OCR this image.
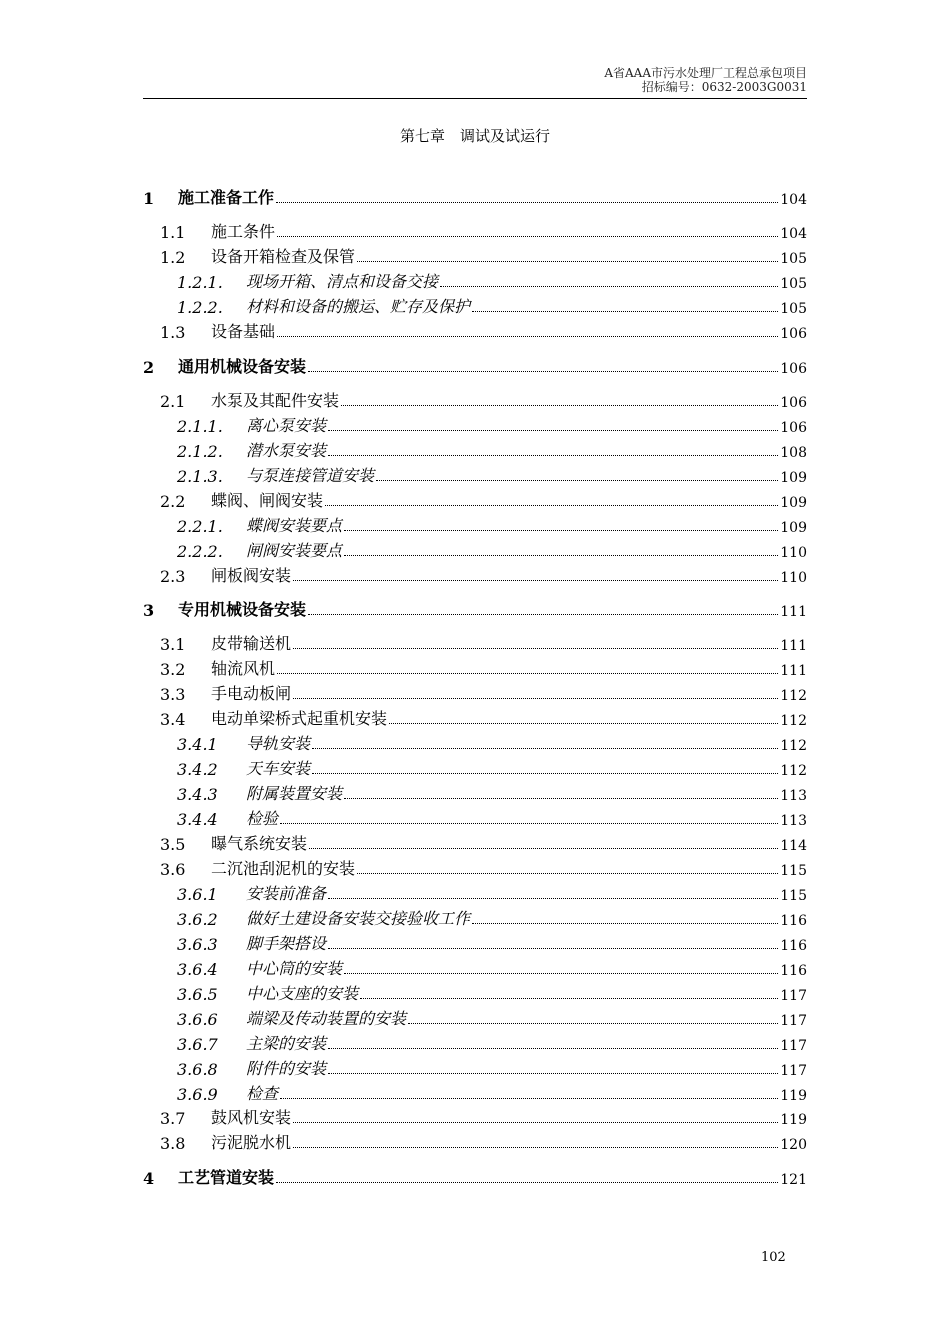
A省AAA市污水处理厂工程总承包项目
招标编号：0632-2003G0031
第七章　调试及试运行
1	施工准备工作	104
1.1	施工条件	104
1.2	设备开箱检查及保管	105
1.2.1.	现场开箱、清点和设备交接	105
1.2.2.	材料和设备的搬运、贮存及保护	105
1.3	设备基础	106
2	通用机械设备安装	106
2.1	水泵及其配件安装	106
2.1.1.	离心泵安装	106
2.1.2.	潜水泵安装	108
2.1.3.	与泵连接管道安装	109
2.2	蝶阀、闸阀安装	109
2.2.1.	蝶阀安装要点	109
2.2.2.	闸阀安装要点	110
2.3	闸板阀安装	110
3	专用机械设备安装	111
3.1	皮带输送机	111
3.2	轴流风机	111
3.3	手电动板闸	112
3.4	电动单梁桥式起重机安装	112
3.4.1	导轨安装	112
3.4.2	天车安装	112
3.4.3	附属装置安装	113
3.4.4	检验	113
3.5	曝气系统安装	114
3.6	二沉池刮泥机的安装	115
3.6.1	安装前准备	115
3.6.2	做好土建设备安装交接验收工作	116
3.6.3	脚手架搭设	116
3.6.4	中心筒的安装	116
3.6.5	中心支座的安装	117
3.6.6	端梁及传动装置的安装	117
3.6.7	主梁的安装	117
3.6.8	附件的安装	117
3.6.9	检查	119
3.7	鼓风机安装	119
3.8	污泥脱水机	120
4	工艺管道安装	121
102
